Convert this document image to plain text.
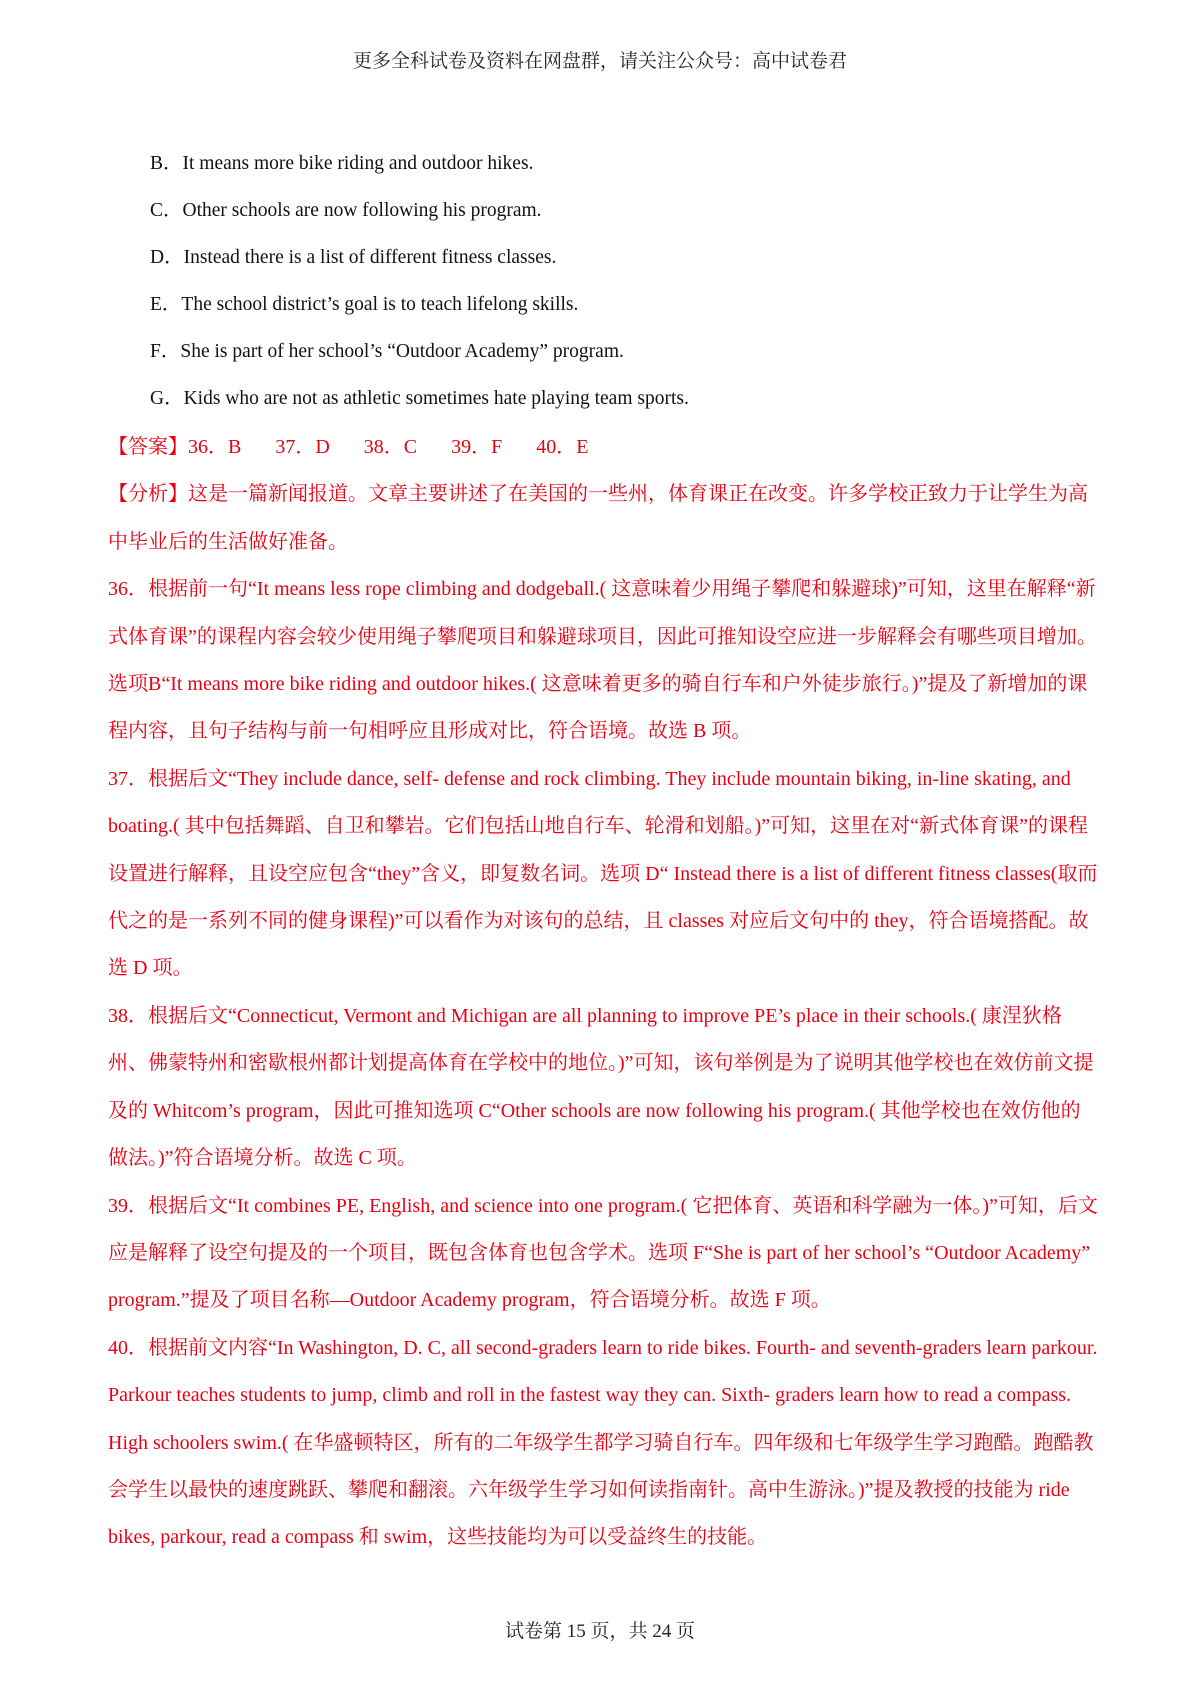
更多全科试卷及资料在网盘群，请关注公众号：高中试卷君
B．It means more bike riding and outdoor hikes.
C．Other schools are now following his program.
D．Instead there is a list of different fitness classes.
E．The school district’s goal is to teach lifelong skills.
F．She is part of her school’s “Outdoor Academy” program.
G．Kids who are not as athletic sometimes hate playing team sports.

【答案】36．B 37．D 38．C 39．F 40．E

【分析】这是一篇新闻报道。文章主要讲述了在美国的一些州，体育课正在改变。许多学校正致力于让学生为高中毕业后的生活做好准备。

36．根据前一句“It means less rope climbing and dodgeball.( 这意味着少用绳子攀爬和躲避球)”可知，这里在解释“新式体育课”的课程内容会较少使用绳子攀爬项目和躲避球项目，因此可推知设空应进一步解释会有哪些项目增加。选项B“It means more bike riding and outdoor hikes.( 这意味着更多的骑自行车和户外徒步旅行。)”提及了新增加的课程内容，且句子结构与前一句相呼应且形成对比，符合语境。故选 B 项。

37．根据后文“They include dance, self- defense and rock climbing. They include mountain biking, in-line skating, and boating.( 其中包括舞蹈、自卫和攀岩。它们包括山地自行车、轮滑和划船。)”可知，这里在对“新式体育课”的课程设置进行解释，且设空应包含“they”含义，即复数名词。选项 D“ Instead there is a list of different fitness classes(取而代之的是一系列不同的健身课程)”可以看作为对该句的总结，且 classes 对应后文句中的 they，符合语境搭配。故选 D 项。

38．根据后文“Connecticut, Vermont and Michigan are all planning to improve PE’s place in their schools.( 康涅狄格州、佛蒙特州和密歇根州都计划提高体育在学校中的地位。)”可知，该句举例是为了说明其他学校也在效仿前文提及的 Whitcom’s program，因此可推知选项 C“Other schools are now following his program.( 其他学校也在效仿他的做法。)”符合语境分析。故选 C 项。

39．根据后文“It combines PE, English, and science into one program.( 它把体育、英语和科学融为一体。)”可知，后文应是解释了设空句提及的一个项目，既包含体育也包含学术。选项 F“She is part of her school’s “Outdoor Academy” program.”提及了项目名称—Outdoor Academy program，符合语境分析。故选 F 项。

40．根据前文内容“In Washington, D. C, all second-graders learn to ride bikes. Fourth- and seventh-graders learn parkour. Parkour teaches students to jump, climb and roll in the fastest way they can. Sixth- graders learn how to read a compass. High schoolers swim.( 在华盛顿特区，所有的二年级学生都学习骑自行车。四年级和七年级学生学习跑酷。跑酷教会学生以最快的速度跳跃、攀爬和翻滚。六年级学生学习如何读指南针。高中生游泳。)”提及教授的技能为 ride bikes, parkour, read a compass 和 swim，这些技能均为可以受益终生的技能。

试卷第 15 页，共 24 页
